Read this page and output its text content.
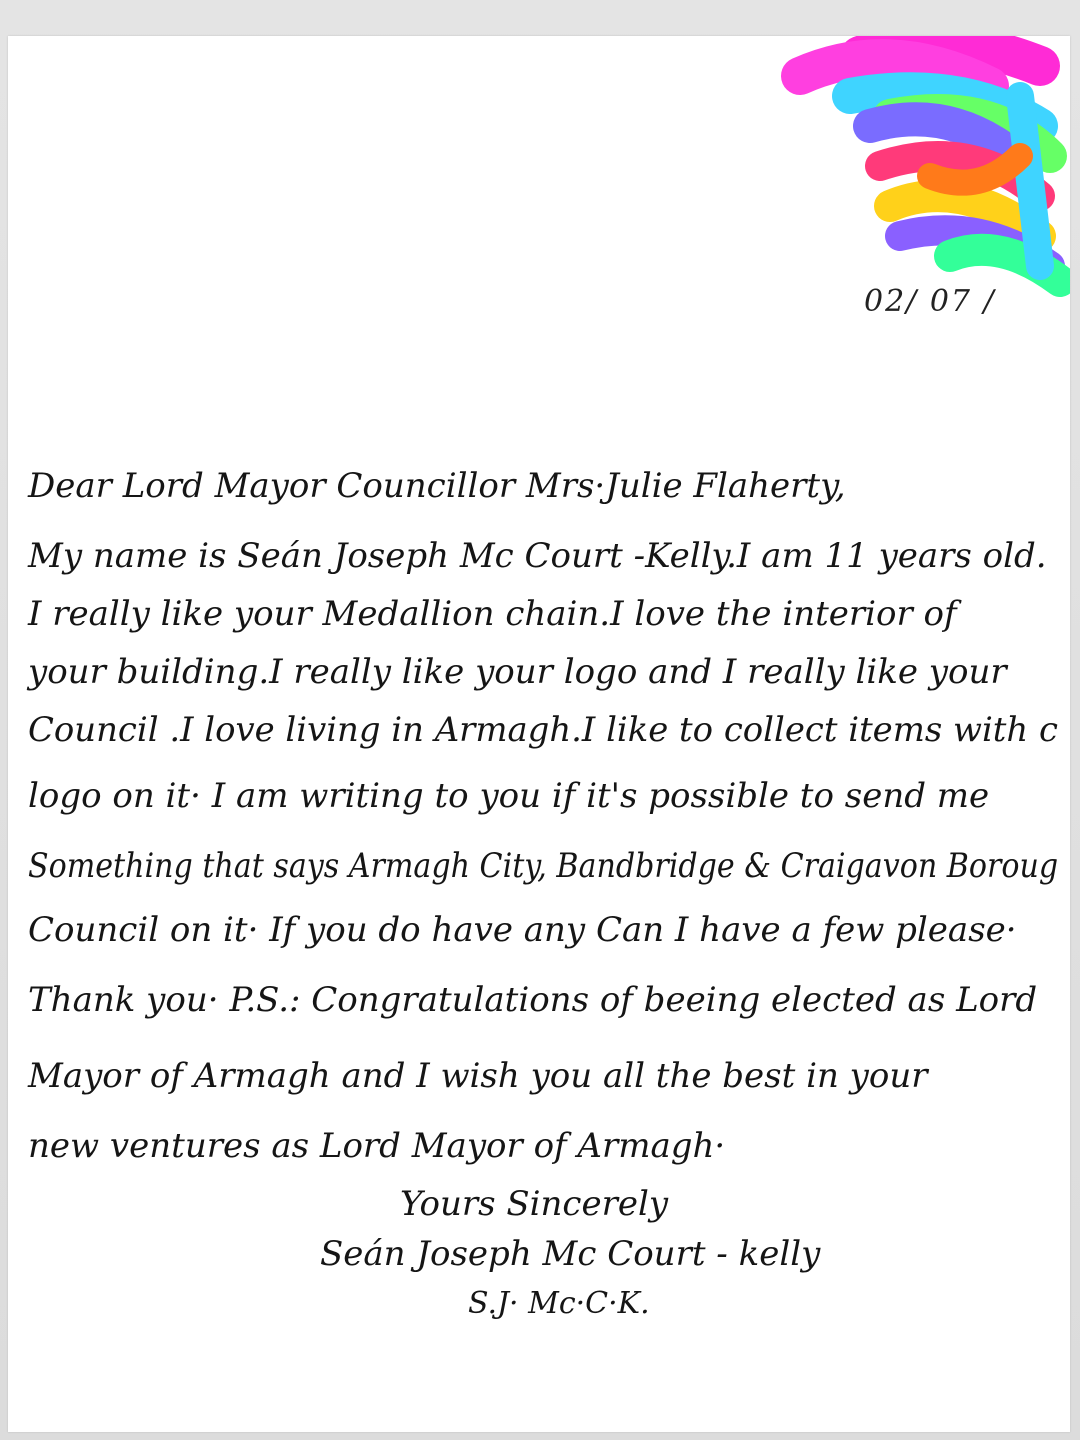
02/ 07 /
Dear Lord Mayor Councillor Mrs·Julie Flaherty,
My name is Seán Joseph Mc Court -Kelly.I am 11 years old.
I really like your Medallion chain.I love the interior of
your building.I really like your logo and I really like your
Council .I love living in Armagh.I like to collect items with c
logo on it· I am writing to you if it's possible to send me
Something that says Armagh City, Bandbridge & Craigavon Boroug
Council on it· If you do have any Can I have a few please·
Thank you· P.S.: Congratulations of beeing elected as Lord
Mayor of Armagh and I wish you all the best in your
new ventures as Lord Mayor of Armagh·
Yours Sincerely
Seán Joseph Mc Court - kelly
S.J· Mc·C·K.
